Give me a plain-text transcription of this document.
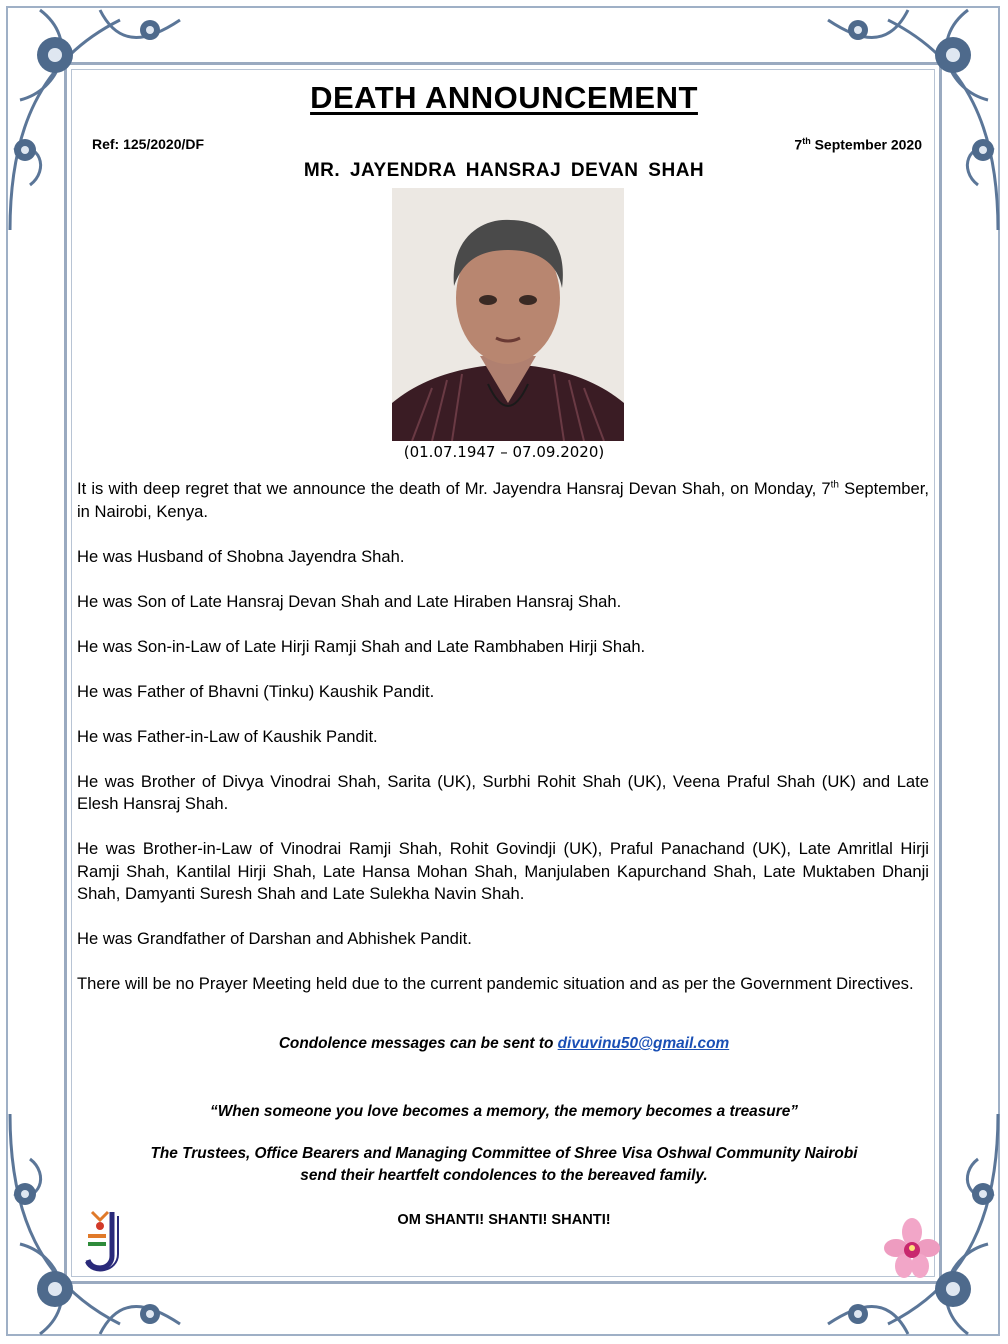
DEATH ANNOUNCEMENT
Ref: 125/2020/DF	7th September 2020
MR. JAYENDRA HANSRAJ DEVAN SHAH
(01.07.1947 – 07.09.2020)

It is with deep regret that we announce the death of Mr. Jayendra Hansraj Devan Shah, on Monday, 7th September, in Nairobi, Kenya.

He was Husband of Shobna Jayendra Shah.

He was Son of Late Hansraj Devan Shah and Late Hiraben Hansraj Shah.

He was Son-in-Law of Late Hirji Ramji Shah and Late Rambhaben Hirji Shah.

He was Father of Bhavni (Tinku) Kaushik Pandit.

He was Father-in-Law of Kaushik Pandit.

He was Brother of Divya Vinodrai Shah, Sarita (UK), Surbhi Rohit Shah (UK), Veena Praful Shah (UK) and Late Elesh Hansraj Shah.

He was Brother-in-Law of Vinodrai Ramji Shah, Rohit Govindji (UK), Praful Panachand (UK), Late Amritlal Hirji Ramji Shah, Kantilal Hirji Shah, Late Hansa Mohan Shah, Manjulaben Kapurchand Shah, Late Muktaben Dhanji Shah, Damyanti Suresh Shah and Late Sulekha Navin Shah.

He was Grandfather of Darshan and Abhishek Pandit.

There will be no Prayer Meeting held due to the current pandemic situation and as per the Government Directives.

Condolence messages can be sent to divuvinu50@gmail.com
“When someone you love becomes a memory, the memory becomes a treasure”
The Trustees, Office Bearers and Managing Committee of Shree Visa Oshwal Community Nairobi
send their heartfelt condolences to the bereaved family.
OM SHANTI! SHANTI! SHANTI!
